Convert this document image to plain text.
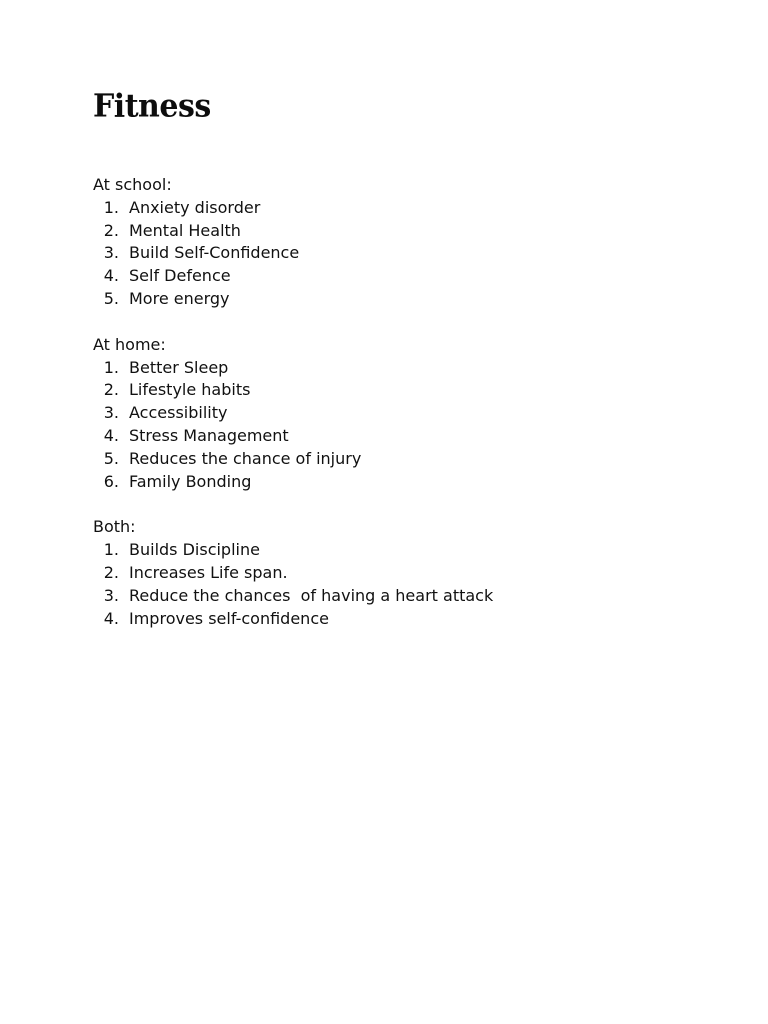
Fitness

At school:

1. Anxiety disorder
2. Mental Health
3. Build Self-Confidence
4. Self Defence
5. More energy

At home:

1. Better Sleep
2. Lifestyle habits
3. Accessibility
4. Stress Management
5. Reduces the chance of injury
6. Family Bonding

Both:

1. Builds Discipline
2. Increases Life span.
3. Reduce the chances  of having a heart attack
4. Improves self-confidence
